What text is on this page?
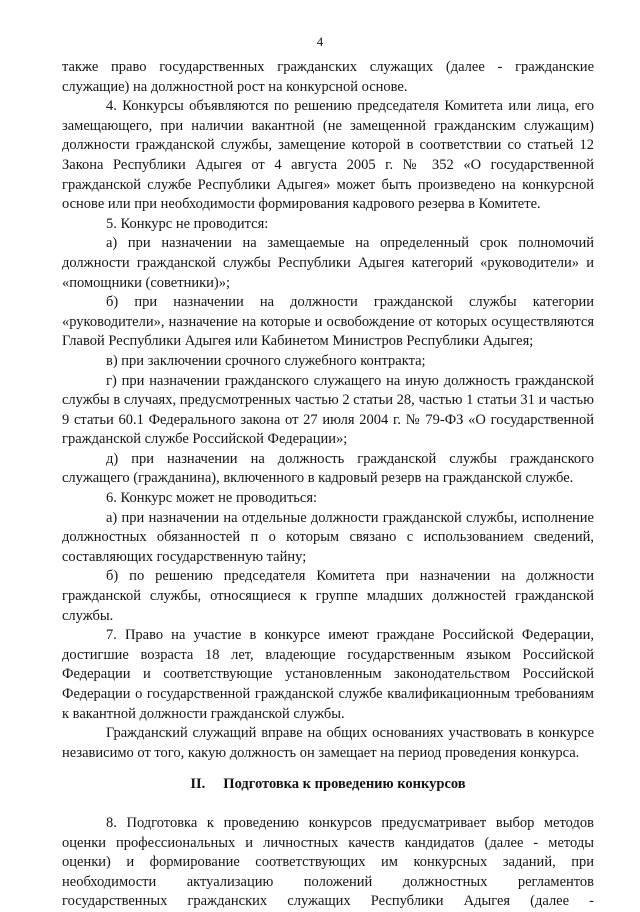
4

также право государственных гражданских служащих (далее - гражданские служащие) на должностной рост на конкурсной основе.

4. Конкурсы объявляются по решению председателя Комитета или лица, его замещающего, при наличии вакантной (не замещенной гражданским служащим) должности гражданской службы, замещение которой в соответствии со статьей 12 Закона Республики Адыгея от 4 августа 2005 г. № 352 «О государственной гражданской службе Республики Адыгея» может быть произведено на конкурсной основе или при необходимости формирования кадрового резерва в Комитете.

5. Конкурс не проводится:

а) при назначении на замещаемые на определенный срок полномочий должности гражданской службы Республики Адыгея категорий «руководители» и «помощники (советники)»;

б) при назначении на должности гражданской службы категории «руководители», назначение на которые и освобождение от которых осуществляются Главой Республики Адыгея или Кабинетом Министров Республики Адыгея;

в) при заключении срочного служебного контракта;

г) при назначении гражданского служащего на иную должность гражданской службы в случаях, предусмотренных частью 2 статьи 28, частью 1 статьи 31 и частью 9 статьи 60.1 Федерального закона от 27 июля 2004 г. № 79-ФЗ «О государственной гражданской службе Российской Федерации»;

д) при назначении на должность гражданской службы гражданского служащего (гражданина), включенного в кадровый резерв на гражданской службе.

6. Конкурс может не проводиться:

а) при назначении на отдельные должности гражданской службы, исполнение должностных обязанностей п о которым связано с использованием сведений, составляющих государственную тайну;

б) по решению председателя Комитета при назначении на должности гражданской службы, относящиеся к группе младших должностей гражданской службы.

7. Право на участие в конкурсе имеют граждане Российской Федерации, достигшие возраста 18 лет, владеющие государственным языком Российской Федерации и соответствующие установленным законодательством Российской Федерации о государственной гражданской службе квалификационным требованиям к вакантной должности гражданской службы.

Гражданский служащий вправе на общих основаниях участвовать в конкурсе независимо от того, какую должность он замещает на период проведения конкурса.

II. Подготовка к проведению конкурсов

8. Подготовка к проведению конкурсов предусматривает выбор методов оценки профессиональных и личностных качеств кандидатов (далее - методы оценки) и формирование соответствующих им конкурсных заданий, при необходимости актуализацию положений должностных регламентов государственных гражданских служащих Республики Адыгея (далее -
